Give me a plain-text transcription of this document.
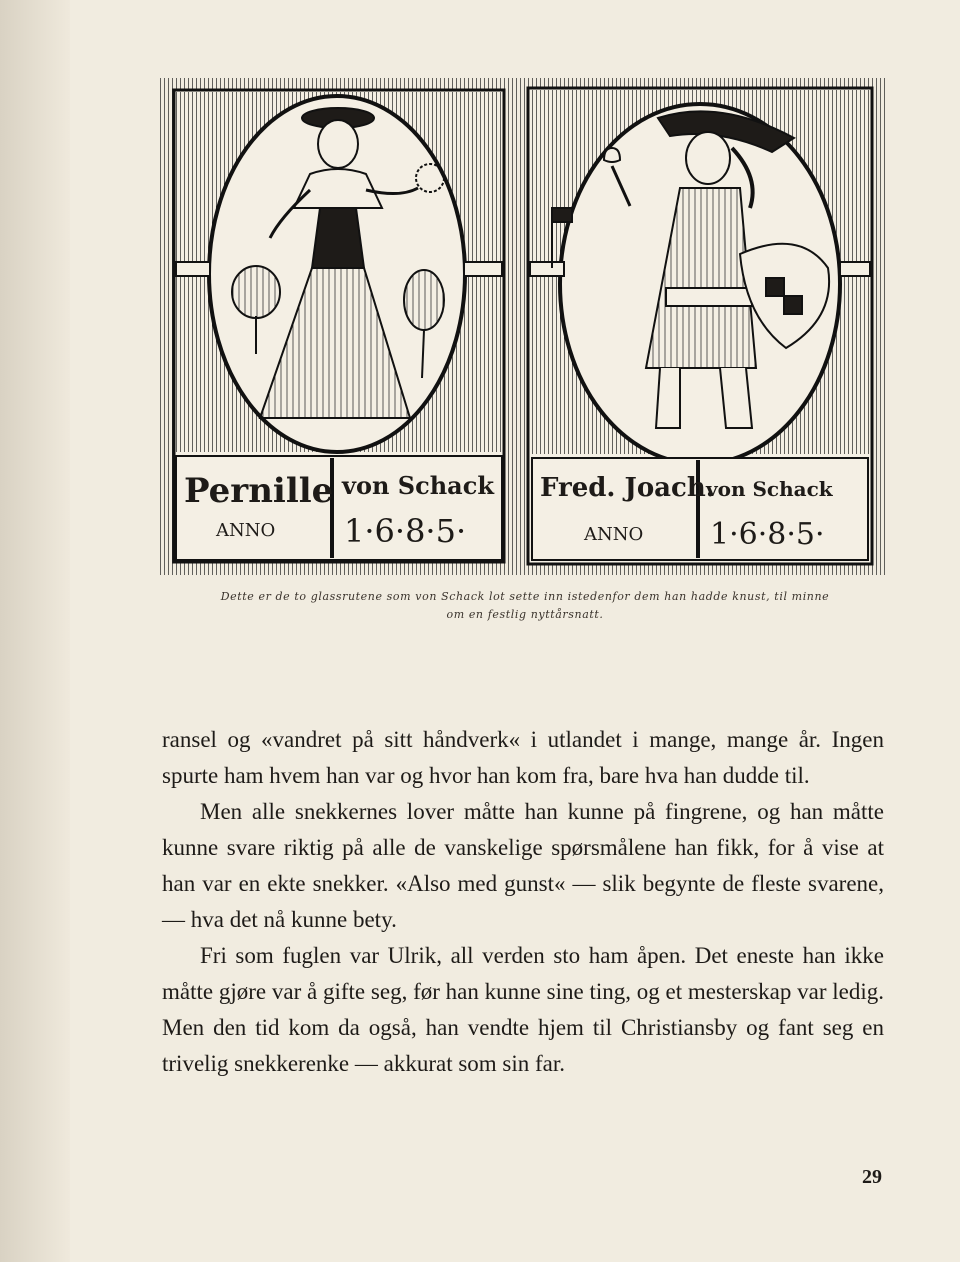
Pernille
ANNO
von Schack
1·6·8·5·
Fred. Joach.
ANNO
von Schack
1·6·8·5·
Dette er de to glassrutene som von Schack lot sette inn istedenfor dem han hadde knust, til minne
om en festlig nyttårsnatt.

ransel og «vandret på sitt håndverk« i utlandet i mange, mange år. Ingen spurte ham hvem han var og hvor han kom fra, bare hva han dudde til.

Men alle snekkernes lover måtte han kunne på fingrene, og han måtte kunne svare riktig på alle de vanskelige spørsmålene han fikk, for å vise at han var en ekte snekker. «Also med gunst« — slik begynte de fleste svarene, — hva det nå kunne bety.

Fri som fuglen var Ulrik, all verden sto ham åpen. Det eneste han ikke måtte gjøre var å gifte seg, før han kunne sine ting, og et mesterskap var ledig. Men den tid kom da også, han vendte hjem til Christiansby og fant seg en trivelig snekkerenke — akkurat som sin far.

29
